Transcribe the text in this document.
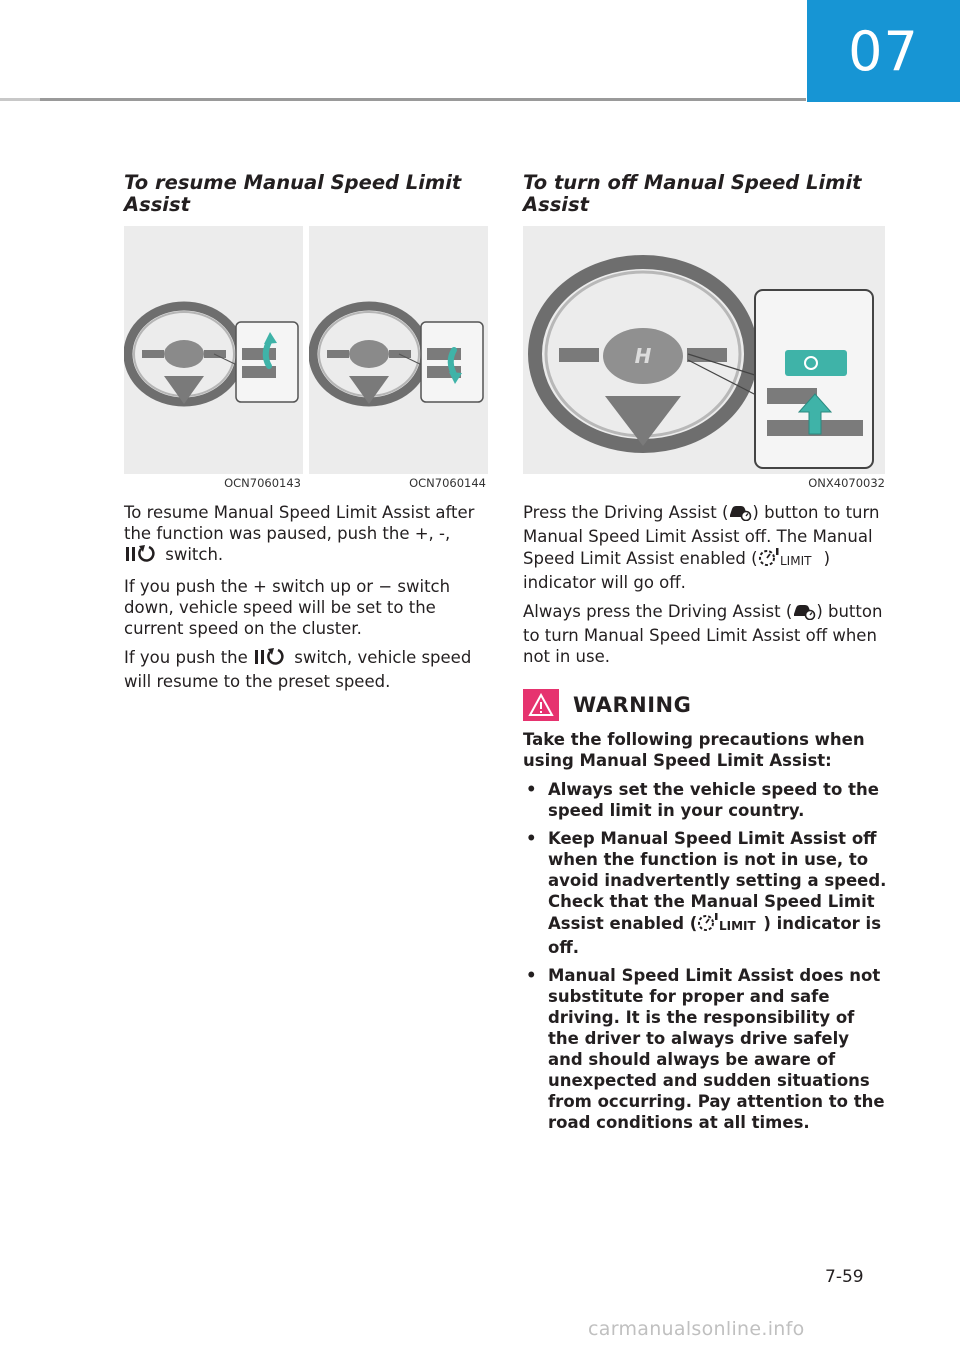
07
To resume Manual Speed Limit Assist
OCN7060143	OCN7060144

To resume Manual Speed Limit Assist after the function was paused, push the +, -,  switch.

If you push the + switch up or − switch down, vehicle speed will be set to the current speed on the cluster.

If you push the  switch, vehicle speed will resume to the preset speed.

To turn off Manual Speed Limit Assist
H
ONX4070032

Press the Driving Assist ( ) button to turn Manual Speed Limit Assist off. The Manual Speed Limit Assist enabled ( LIMIT ) indicator will go off.

Always press the Driving Assist ( ) button to turn Manual Speed Limit Assist off when not in use.

WARNING

Take the following precautions when using Manual Speed Limit Assist:

• Always set the vehicle speed to the speed limit in your country.
• Keep Manual Speed Limit Assist off when the function is not in use, to avoid inadvertently setting a speed. Check that the Manual Speed Limit Assist enabled ( LIMIT ) indicator is off.
• Manual Speed Limit Assist does not substitute for proper and safe driving. It is the responsibility of the driver to always drive safely and should always be aware of unexpected and sudden situations from occurring. Pay attention to the road conditions at all times.
7-59
carmanualsonline.info
